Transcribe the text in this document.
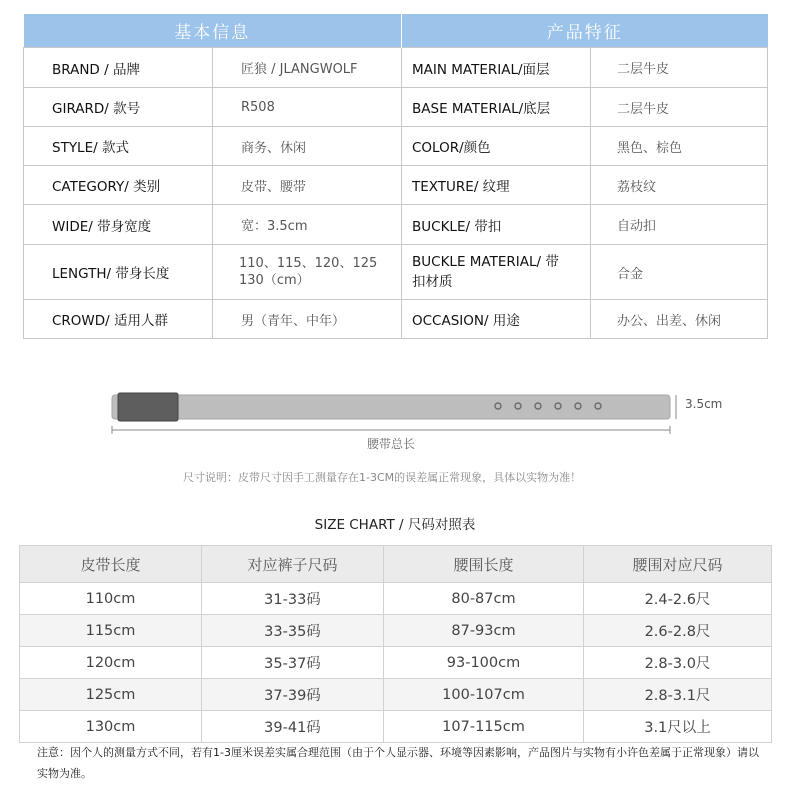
基本信息		产品特征	
BRAND / 品牌	匠狼 / JLANGWOLF	MAIN MATERIAL/面层	二层牛皮
GIRARD/ 款号	R508	BASE MATERIAL/底层	二层牛皮
STYLE/ 款式	商务、休闲	COLOR/颜色	黑色、棕色
CATEGORY/ 类别	皮带、腰带	TEXTURE/ 纹理	荔枝纹
WIDE/ 带身宽度	宽：3.5cm	BUCKLE/ 带扣	自动扣
LENGTH/ 带身长度	110、115、120、125 130（cm）	BUCKLE MATERIAL/ 带扣材质	合金
CROWD/ 适用人群	男（青年、中年）	OCCASION/ 用途	办公、出差、休闲
3.5cm
腰带总长
尺寸说明：皮带尺寸因手工测量存在1-3CM的误差属正常现象，具体以实物为准！
SIZE CHART / 尺码对照表
皮带长度	对应裤子尺码	腰围长度	腰围对应尺码
110cm	31-33码	80-87cm	2.4-2.6尺
115cm	33-35码	87-93cm	2.6-2.8尺
120cm	35-37码	93-100cm	2.8-3.0尺
125cm	37-39码	100-107cm	2.8-3.1尺
130cm	39-41码	107-115cm	3.1尺以上
注意：因个人的测量方式不同，若有1-3厘米误差实属合理范围（由于个人显示器、环境等因素影响，产品图片与实物有小许色差属于正常现象）请以实物为准。
